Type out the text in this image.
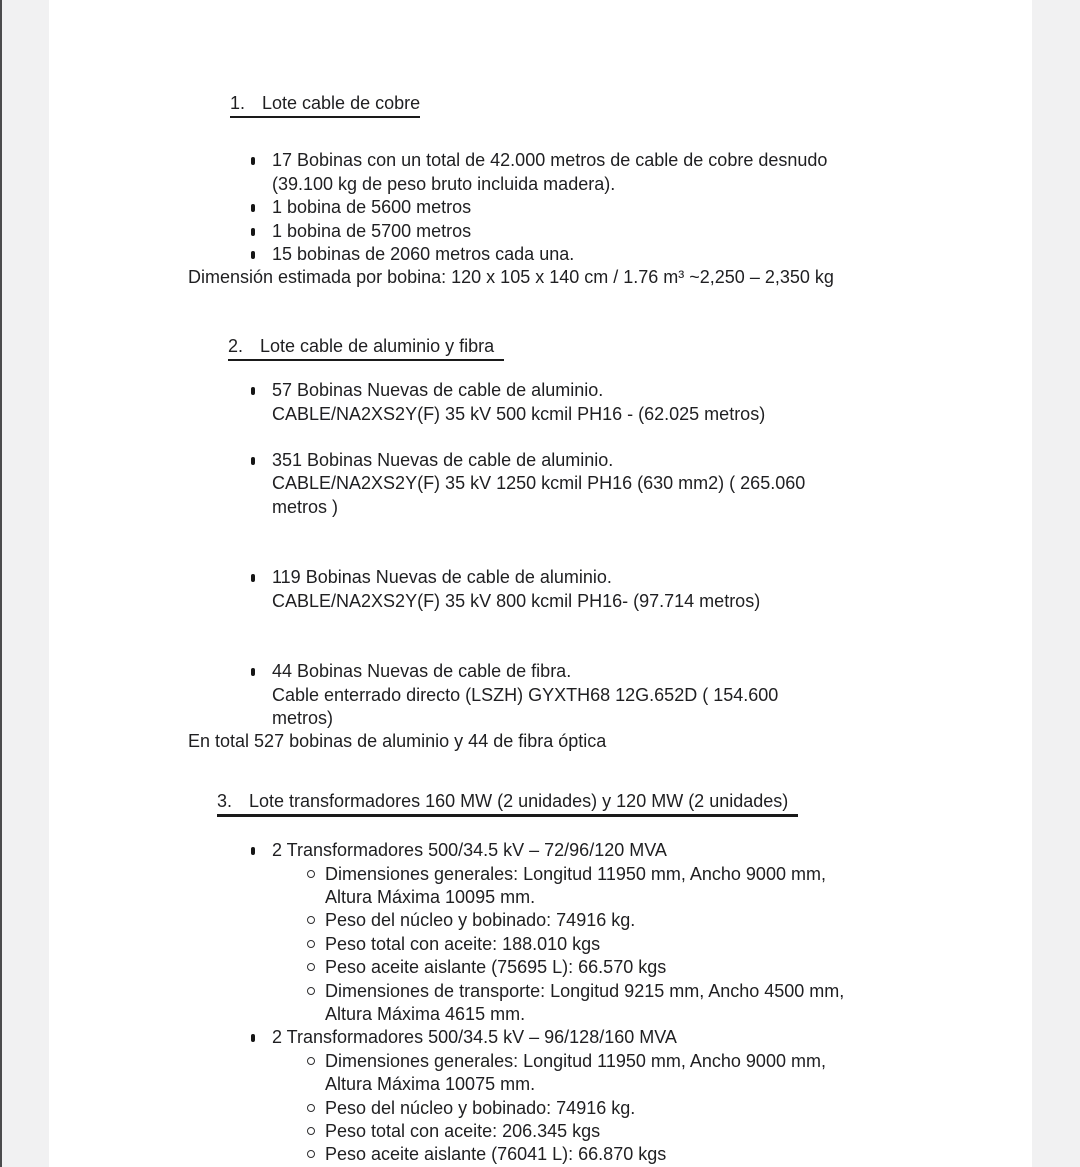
1. Lote cable de cobre
17 Bobinas con un total de 42.000 metros de cable de cobre desnudo
(39.100 kg de peso bruto incluida madera).
1 bobina de 5600 metros
1 bobina de 5700 metros
15 bobinas de 2060 metros cada una.
Dimensión estimada por bobina: 120 x 105 x 140 cm / 1.76 m³ ~2,250 – 2,350 kg
2. Lote cable de aluminio y fibra
57 Bobinas Nuevas de cable de aluminio.
CABLE/NA2XS2Y(F) 35 kV 500 kcmil PH16 - (62.025 metros)
351 Bobinas Nuevas de cable de aluminio.
CABLE/NA2XS2Y(F) 35 kV 1250 kcmil PH16 (630 mm2) ( 265.060
metros )
119 Bobinas Nuevas de cable de aluminio.
CABLE/NA2XS2Y(F) 35 kV 800 kcmil PH16- (97.714 metros)
44 Bobinas Nuevas de cable de fibra.
Cable enterrado directo (LSZH) GYXTH68 12G.652D ( 154.600
metros)
En total 527 bobinas de aluminio y 44 de fibra óptica
3. Lote transformadores 160 MW (2 unidades) y 120 MW (2 unidades)
2 Transformadores 500/34.5 kV – 72/96/120 MVA
Dimensiones generales: Longitud 11950 mm, Ancho 9000 mm,
Altura Máxima 10095 mm.
Peso del núcleo y bobinado: 74916 kg.
Peso total con aceite: 188.010 kgs
Peso aceite aislante (75695 L): 66.570 kgs
Dimensiones de transporte: Longitud 9215 mm, Ancho 4500 mm,
Altura Máxima 4615 mm.
2 Transformadores 500/34.5 kV – 96/128/160 MVA
Dimensiones generales: Longitud 11950 mm, Ancho 9000 mm,
Altura Máxima 10075 mm.
Peso del núcleo y bobinado: 74916 kg.
Peso total con aceite: 206.345 kgs
Peso aceite aislante (76041 L): 66.870 kgs
